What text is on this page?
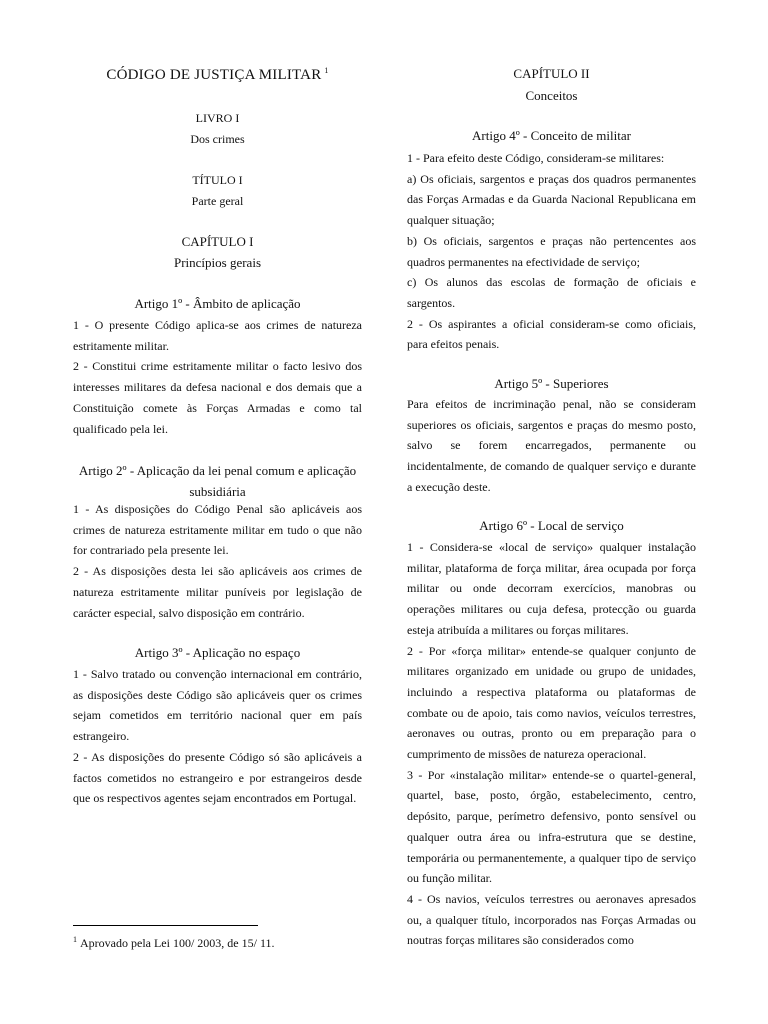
CÓDIGO DE JUSTIÇA MILITAR $^1$
LIVRO I
Dos crimes
TÍTULO I
Parte geral
CAPÍTULO I
Princípios gerais
Artigo 1º - Âmbito de aplicação

1 - O presente Código aplica-se aos crimes de natureza estritamente militar.

2 - Constitui crime estritamente militar o facto lesivo dos interesses militares da defesa nacional e dos demais que a Constituição comete às Forças Armadas e como tal qualificado pela lei.

Artigo 2º - Aplicação da lei penal comum e aplicação subsidiária

1 - As disposições do Código Penal são aplicáveis aos crimes de natureza estritamente militar em tudo o que não for contrariado pela presente lei.

2 - As disposições desta lei são aplicáveis aos crimes de natureza estritamente militar puníveis por legislação de carácter especial, salvo disposição em contrário.

Artigo 3º - Aplicação no espaço

1 - Salvo tratado ou convenção internacional em contrário, as disposições deste Código são aplicáveis quer os crimes sejam cometidos em território nacional quer em país estrangeiro.

2 - As disposições do presente Código só são aplicáveis a factos cometidos no estrangeiro e por estrangeiros desde que os respectivos agentes sejam encontrados em Portugal.

$^1$ Aprovado pela Lei 100/ 2003, de 15/ 11.
CAPÍTULO II
Conceitos
Artigo 4º - Conceito de militar

1 - Para efeito deste Código, consideram-se militares:

a) Os oficiais, sargentos e praças dos quadros permanentes das Forças Armadas e da Guarda Nacional Republicana em qualquer situação;

b) Os oficiais, sargentos e praças não pertencentes aos quadros permanentes na efectividade de serviço;

c) Os alunos das escolas de formação de oficiais e sargentos.

2 - Os aspirantes a oficial consideram-se como oficiais, para efeitos penais.

Artigo 5º - Superiores

Para efeitos de incriminação penal, não se consideram superiores os oficiais, sargentos e praças do mesmo posto, salvo se forem encarregados, permanente ou incidentalmente, de comando de qualquer serviço e durante a execução deste.

Artigo 6º - Local de serviço

1 - Considera-se «local de serviço» qualquer instalação militar, plataforma de força militar, área ocupada por força militar ou onde decorram exercícios, manobras ou operações militares ou cuja defesa, protecção ou guarda esteja atribuída a militares ou forças militares.

2 - Por «força militar» entende-se qualquer conjunto de militares organizado em unidade ou grupo de unidades, incluindo a respectiva plataforma ou plataformas de combate ou de apoio, tais como navios, veículos terrestres, aeronaves ou outras, pronto ou em preparação para o cumprimento de missões de natureza operacional.

3 - Por «instalação militar» entende-se o quartel-general, quartel, base, posto, órgão, estabelecimento, centro, depósito, parque, perímetro defensivo, ponto sensível ou qualquer outra área ou infra-estrutura que se destine, temporária ou permanentemente, a qualquer tipo de serviço ou função militar.

4 - Os navios, veículos terrestres ou aeronaves apresados ou, a qualquer título, incorporados nas Forças Armadas ou noutras forças militares são considerados como
